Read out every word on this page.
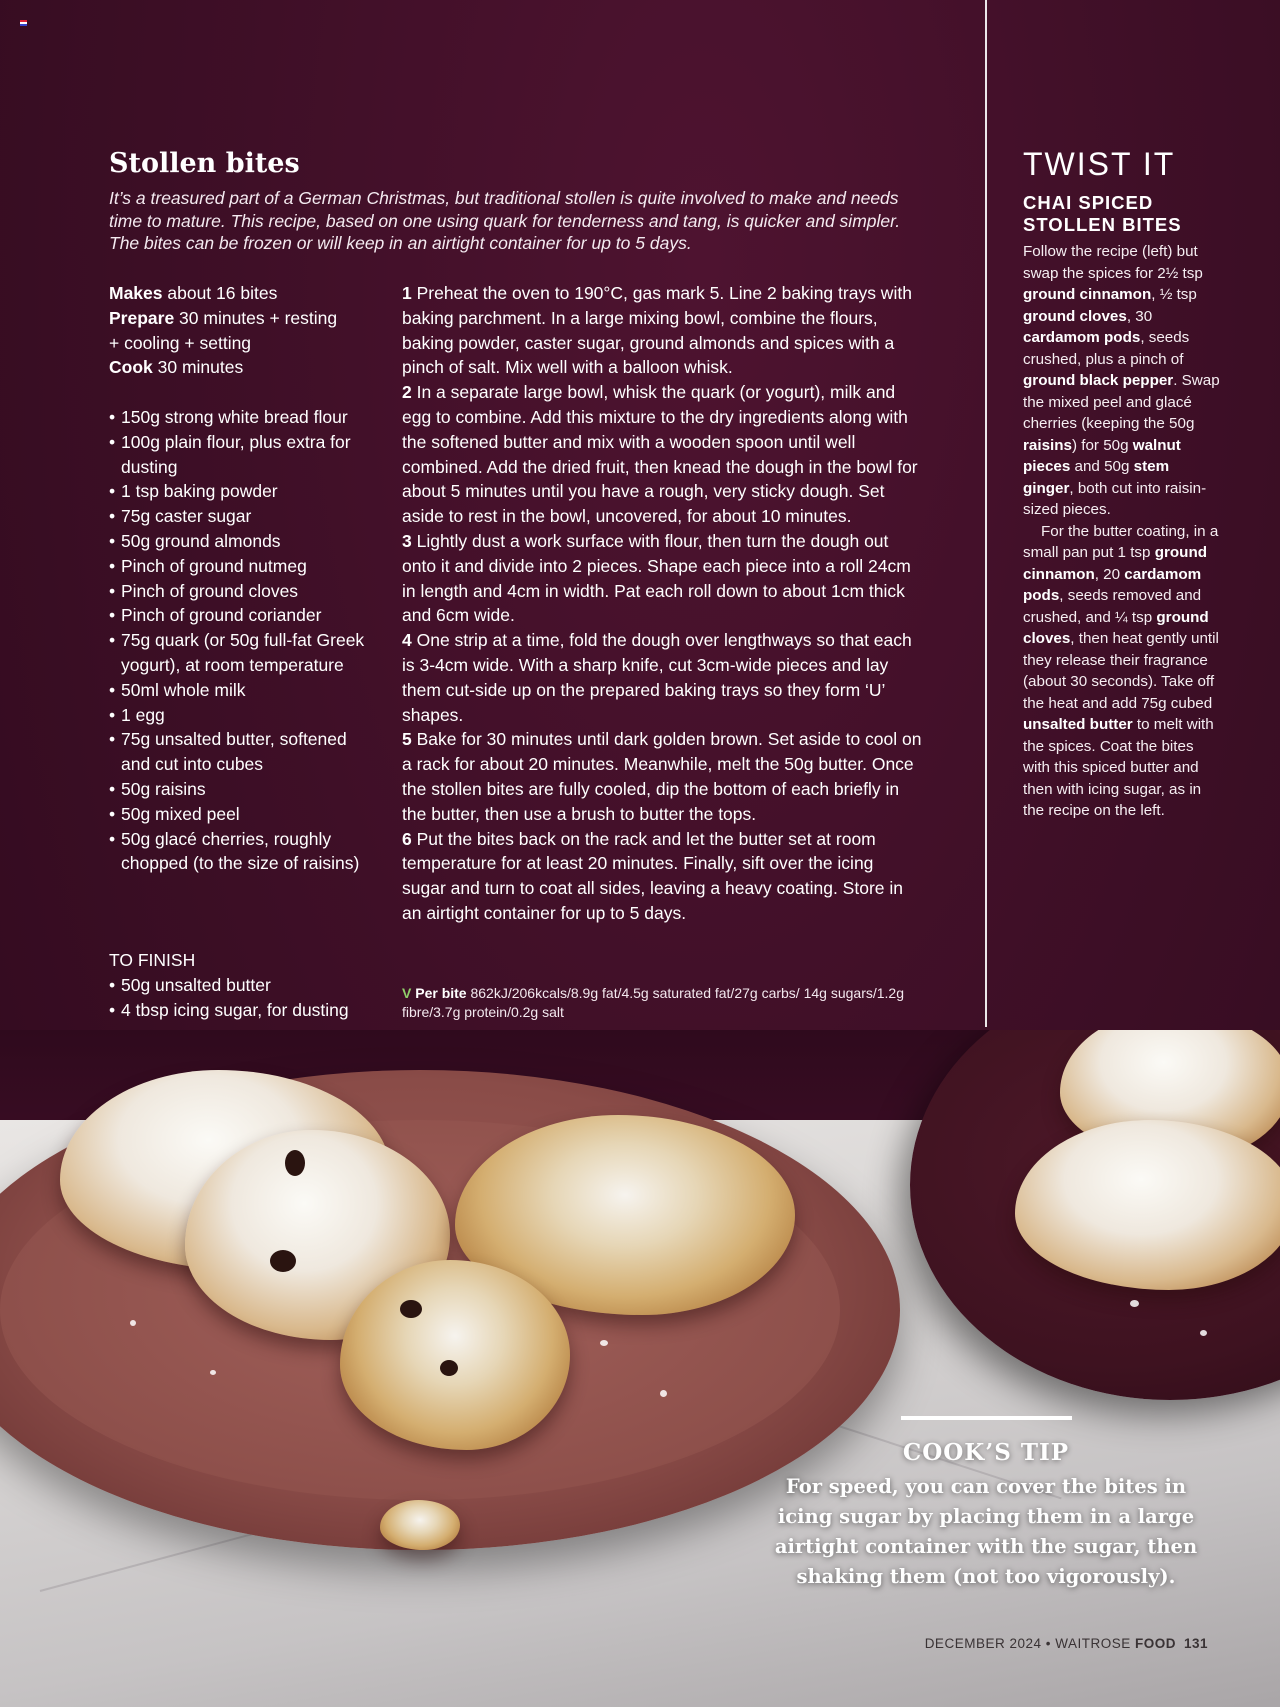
Stollen bites

It’s a treasured part of a German Christmas, but traditional stollen is quite involved to make and needs time to mature. This recipe, based on one using quark for tenderness and tang, is quicker and simpler. The bites can be frozen or will keep in an airtight container for up to 5 days.

Makes about 16 bites
Prepare 30 minutes + resting
+ cooling + setting
Cook 30 minutes
• 150g strong white bread flour
• 100g plain flour, plus extra for dusting
• 1 tsp baking powder
• 75g caster sugar
• 50g ground almonds
• Pinch of ground nutmeg
• Pinch of ground cloves
• Pinch of ground coriander
• 75g quark (or 50g full-fat Greek yogurt), at room temperature
• 50ml whole milk
• 1 egg
• 75g unsalted butter, softened and cut into cubes
• 50g raisins
• 50g mixed peel
• 50g glacé cherries, roughly chopped (to the size of raisins)
TO FINISH
• 50g unsalted butter
• 4 tbsp icing sugar, for dusting

1 Preheat the oven to 190°C, gas mark 5. Line 2 baking trays with baking parchment. In a large mixing bowl, combine the flours, baking powder, caster sugar, ground almonds and spices with a pinch of salt. Mix well with a balloon whisk.

2 In a separate large bowl, whisk the quark (or yogurt), milk and egg to combine. Add this mixture to the dry ingredients along with the softened butter and mix with a wooden spoon until well combined. Add the dried fruit, then knead the dough in the bowl for about 5 minutes until you have a rough, very sticky dough. Set aside to rest in the bowl, uncovered, for about 10 minutes.

3 Lightly dust a work surface with flour, then turn the dough out onto it and divide into 2 pieces. Shape each piece into a roll 24cm in length and 4cm in width. Pat each roll down to about 1cm thick and 6cm wide.

4 One strip at a time, fold the dough over lengthways so that each is 3-4cm wide. With a sharp knife, cut 3cm-wide pieces and lay them cut-side up on the prepared baking trays so they form ‘U’ shapes.

5 Bake for 30 minutes until dark golden brown. Set aside to cool on a rack for about 20 minutes. Meanwhile, melt the 50g butter. Once the stollen bites are fully cooled, dip the bottom of each briefly in the butter, then use a brush to butter the tops.

6 Put the bites back on the rack and let the butter set at room temperature for at least 20 minutes. Finally, sift over the icing sugar and turn to coat all sides, leaving a heavy coating. Store in an airtight container for up to 5 days.

V Per bite 862kJ/206kcals/8.9g fat/4.5g saturated fat/27g carbs/ 14g sugars/1.2g fibre/3.7g protein/0.2g salt
TWIST IT
CHAI SPICED STOLLEN BITES

Follow the recipe (left) but swap the spices for 2½ tsp ground cinnamon, ½ tsp ground cloves, 30 cardamom pods, seeds crushed, plus a pinch of ground black pepper. Swap the mixed peel and glacé cherries (keeping the 50g raisins) for 50g walnut pieces and 50g stem ginger, both cut into raisin-sized pieces.

For the butter coating, in a small pan put 1 tsp ground cinnamon, 20 cardamom pods, seeds removed and crushed, and ¼ tsp ground cloves, then heat gently until they release their fragrance (about 30 seconds). Take off the heat and add 75g cubed unsalted butter to melt with the spices. Coat the bites with this spiced butter and then with icing sugar, as in the recipe on the left.

COOK’S TIP

For speed, you can cover the bites in icing sugar by placing them in a large airtight container with the sugar, then shaking them (not too vigorously).

DECEMBER 2024 • WAITROSE FOOD 131
